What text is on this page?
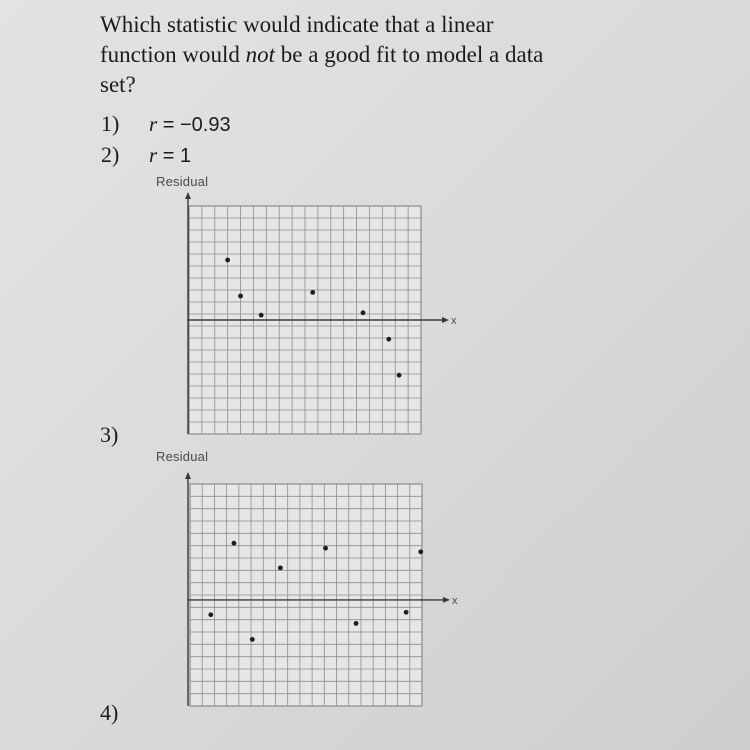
Which statistic would indicate that a linear
function would not be a good fit to model a data
set?
1) r = −0.93
2) r = 1
Residual
x
3)
Residual
x
4)
